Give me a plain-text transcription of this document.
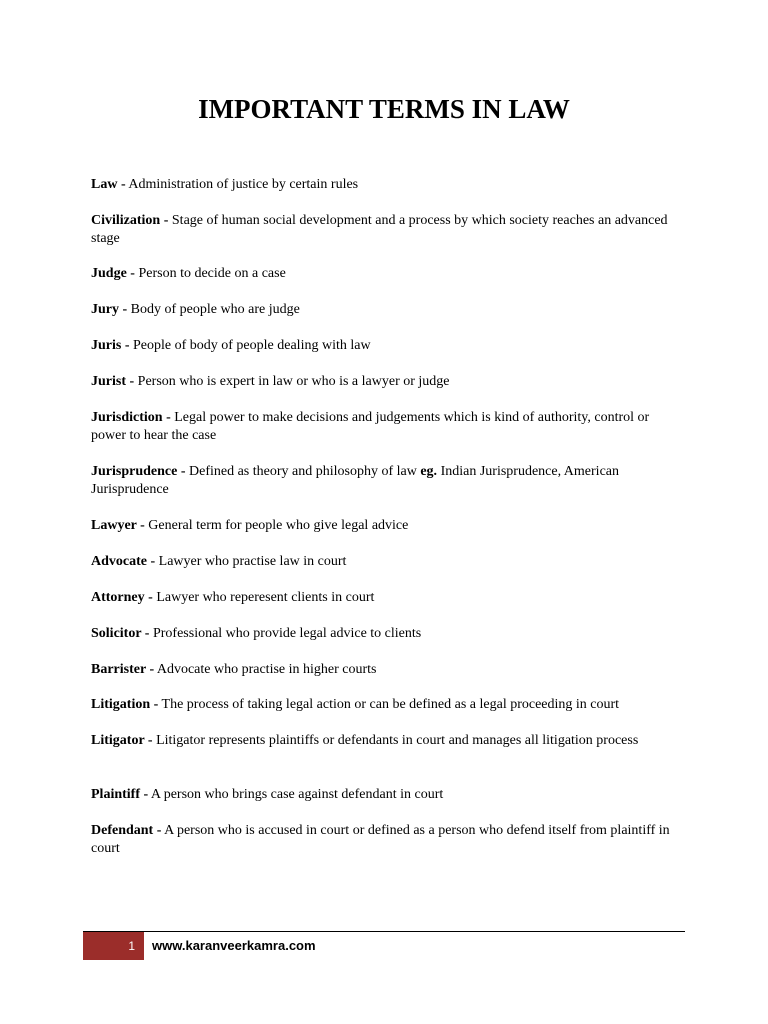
IMPORTANT TERMS IN LAW
Law - Administration of justice by certain rules
Civilization - Stage of human social development and a process by which society reaches an advanced stage
Judge - Person to decide on a case
Jury - Body of people who are judge
Juris - People of body of people dealing with law
Jurist - Person who is expert in law or who is a lawyer or judge
Jurisdiction - Legal power to make decisions and judgements which is kind of authority, control or power to hear the case
Jurisprudence - Defined as theory and philosophy of law eg. Indian Jurisprudence, American Jurisprudence
Lawyer - General term for people who give legal advice
Advocate - Lawyer who practise law in court
Attorney - Lawyer who reperesent clients in court
Solicitor - Professional who provide legal advice to clients
Barrister - Advocate who practise in higher courts
Litigation - The process of taking legal action or can be defined as a legal proceeding in court
Litigator - Litigator represents plaintiffs or defendants in court and manages all litigation process
Plaintiff - A person who brings case against defendant in court
Defendant - A person who is accused in court or defined as a person who defend itself from plaintiff in court
1	www.karanveerkamra.com
